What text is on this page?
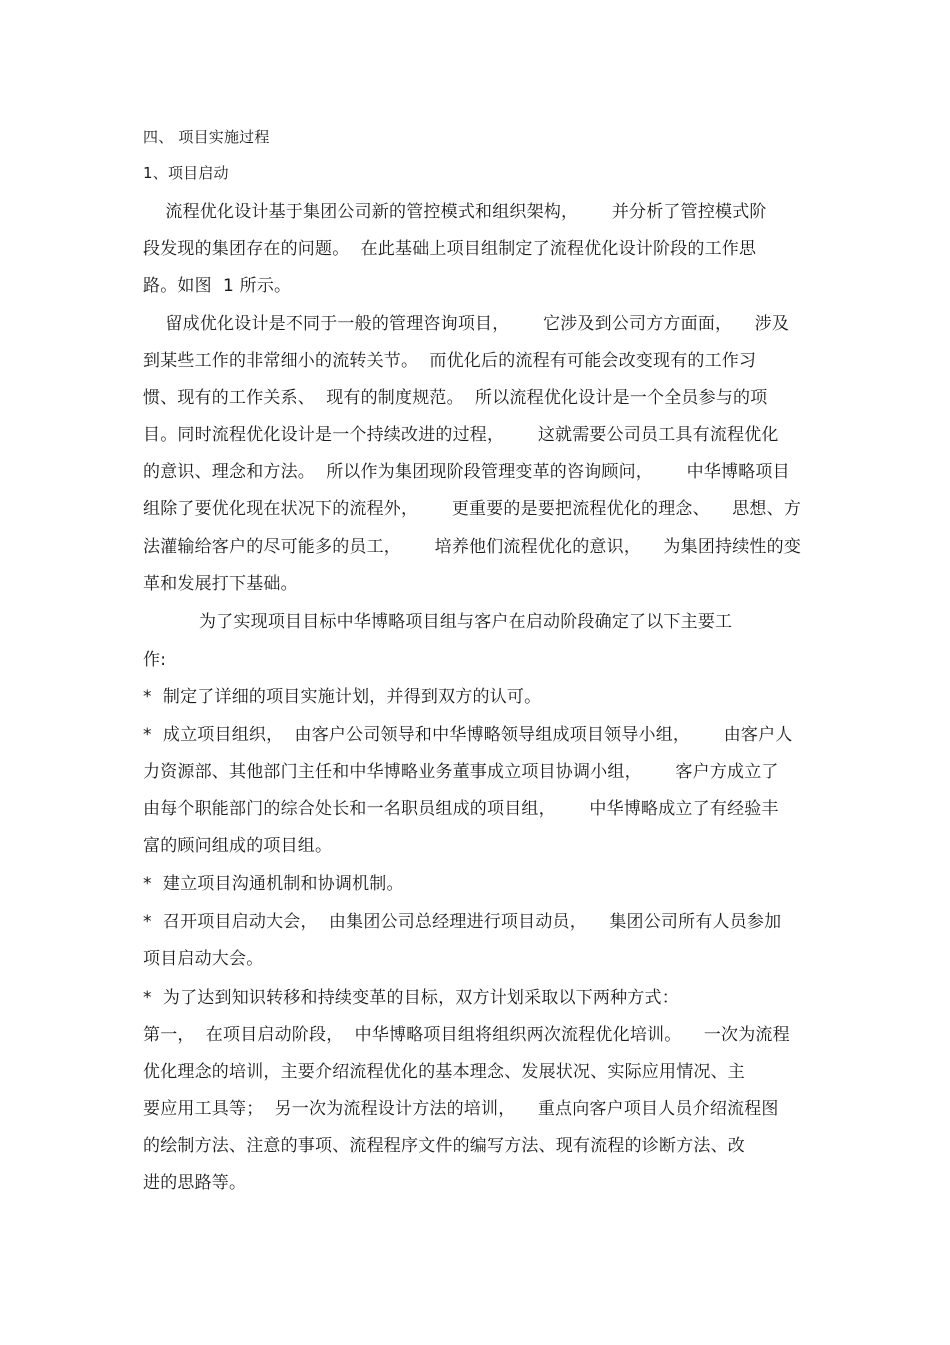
四、 项目实施过程
1、项目启动
流程优化设计基于集团公司新的管控模式和组织架构，      并分析了管控模式阶
段发现的集团存在的问题。  在此基础上项目组制定了流程优化设计阶段的工作思
路。如图  1 所示。
留成优化设计是不同于一般的管理咨询项目，      它涉及到公司方方面面，    涉及
到某些工作的非常细小的流转关节。  而优化后的流程有可能会改变现有的工作习
惯、现有的工作关系、  现有的制度规范。  所以流程优化设计是一个全员参与的项
目。同时流程优化设计是一个持续改进的过程，      这就需要公司员工具有流程优化
的意识、理念和方法。  所以作为集团现阶段管理变革的咨询顾问，      中华博略项目
组除了要优化现在状况下的流程外，      更重要的是要把流程优化的理念、    思想、方
法灌输给客户的尽可能多的员工，      培养他们流程优化的意识，    为集团持续性的变
革和发展打下基础。
为了实现项目目标中华博略项目组与客户在启动阶段确定了以下主要工
作:
*  制定了详细的项目实施计划，并得到双方的认可。
*  成立项目组织，  由客户公司领导和中华博略领导组成项目领导小组，      由客户人
力资源部、其他部门主任和中华博略业务董事成立项目协调小组，      客户方成立了
由每个职能部门的综合处长和一名职员组成的项目组，      中华博略成立了有经验丰
富的顾问组成的项目组。
*  建立项目沟通机制和协调机制。
*  召开项目启动大会，  由集团公司总经理进行项目动员，    集团公司所有人员参加
项目启动大会。
*  为了达到知识转移和持续变革的目标，双方计划采取以下两种方式：
第一，  在项目启动阶段，  中华博略项目组将组织两次流程优化培训。    一次为流程
优化理念的培训，主要介绍流程优化的基本理念、发展状况、实际应用情况、主
要应用工具等；  另一次为流程设计方法的培训，    重点向客户项目人员介绍流程图
的绘制方法、注意的事项、流程程序文件的编写方法、现有流程的诊断方法、改
进的思路等。
